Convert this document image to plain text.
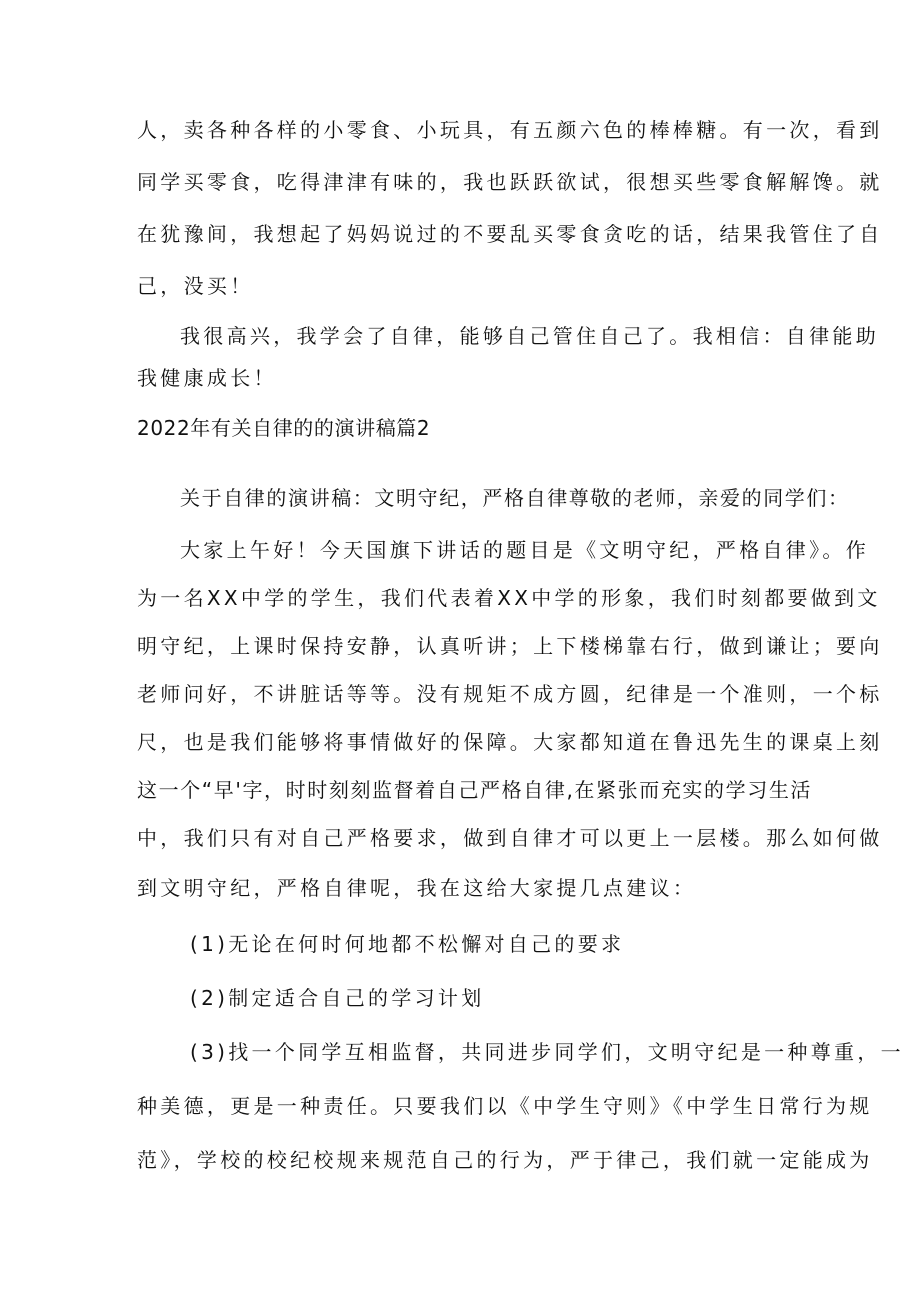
人，卖各种各样的小零食、小玩具，有五颜六色的棒棒糖。有一次，看到
同学买零食，吃得津津有味的，我也跃跃欲试，很想买些零食解解馋。就
在犹豫间，我想起了妈妈说过的不要乱买零食贪吃的话，结果我管住了自
己，没买！
我很高兴，我学会了自律，能够自己管住自己了。我相信：自律能助
我健康成长！
2022年有关自律的的演讲稿篇2
关于自律的演讲稿：文明守纪，严格自律尊敬的老师，亲爱的同学们：
大家上午好！今天国旗下讲话的题目是《文明守纪，严格自律》。作
为一名XX中学的学生，我们代表着XX中学的形象，我们时刻都要做到文
明守纪，上课时保持安静，认真听讲；上下楼梯靠右行，做到谦让；要向
老师问好，不讲脏话等等。没有规矩不成方圆，纪律是一个准则，一个标
尺，也是我们能够将事情做好的保障。大家都知道在鲁迅先生的课桌上刻
这一个“早'字，时时刻刻监督着自己严格自律,在紧张而充实的学习生活
中，我们只有对自己严格要求，做到自律才可以更上一层楼。那么如何做
到文明守纪，严格自律呢，我在这给大家提几点建议：
(1)无论在何时何地都不松懈对自己的要求
(2)制定适合自己的学习计划
(3)找一个同学互相监督，共同进步同学们，文明守纪是一种尊重，一
种美德，更是一种责任。只要我们以《中学生守则》《中学生日常行为规
范》，学校的校纪校规来规范自己的行为，严于律己，我们就一定能成为
